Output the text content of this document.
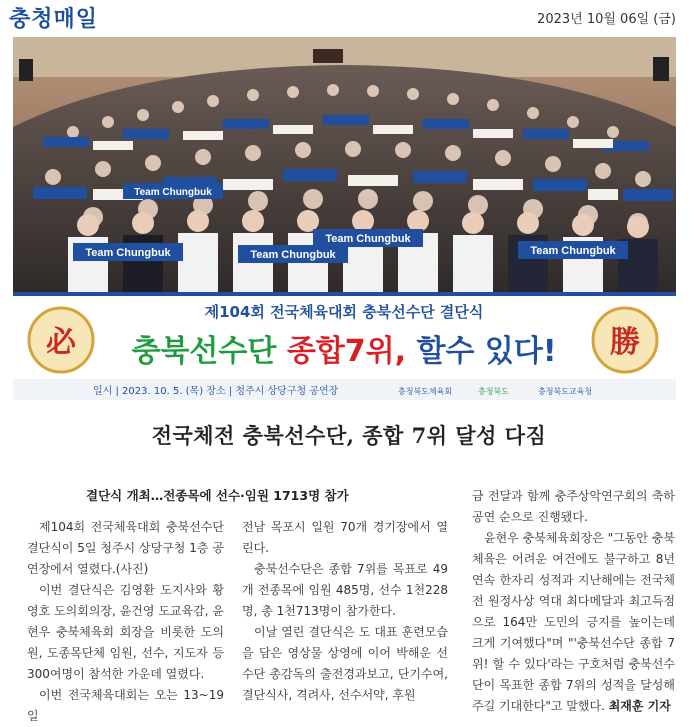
충청매일	2023년 10월 06일 (금)
Team Chungbuk	Team Chungbuk
Team Chungbuk
Team Chungbuk
Team Chungbuk
必	勝
제104회 전국체육대회 충북선수단 결단식
충북선수단 종합7위, 할수 있다!
일시 | 2023. 10. 5. (목) 장소 | 청주시 상당구청 공연장	충청북도체육회	충청북도	충청북도교육청
전국체전 충북선수단, 종합 7위 달성 다짐
결단식 개최…전종목에 선수·임원 1713명 참가

제104회 전국체육대회 충북선수단 결단식이 5일 청주시 상당구청 1층 공연장에서 열렸다.(사진)

이번 결단식은 김영환 도지사와 황영호 도의회의장, 윤건영 도교육감, 윤현우 충북체육회 회장을 비롯한 도의원, 도종목단체 임원, 선수, 지도자 등 300여명이 참석한 가운데 열렸다.

이번 전국체육대회는 오는 13~19일

전남 목포시 일원 70개 경기장에서 열린다.

충북선수단은 종합 7위를 목표로 49개 전종목에 임원 485명, 선수 1천228명, 총 1천713명이 참가한다.

이날 열린 결단식은 도 대표 훈련모습을 담은 영상물 상영에 이어 박해운 선수단 총감독의 출전경과보고, 단기수여, 결단식사, 격려사, 선수서약, 후원

금 전달과 함께 충주상악연구회의 축하공연 순으로 진행됐다.

윤현우 충북체육회장은 "그동안 충북체육은 어려운 여건에도 불구하고 8년 연속 한자리 성적과 지난해에는 전국체전 원정사상 역대 최다메달과 최고득점으로 164만 도민의 긍지를 높이는데 크게 기여했다"며 "'충북선수단 종합 7위! 할 수 있다'라는 구호처럼 충북선수단이 목표한 종합 7위의 성적을 달성해주길 기대한다"고 말했다. 최재훈 기자
